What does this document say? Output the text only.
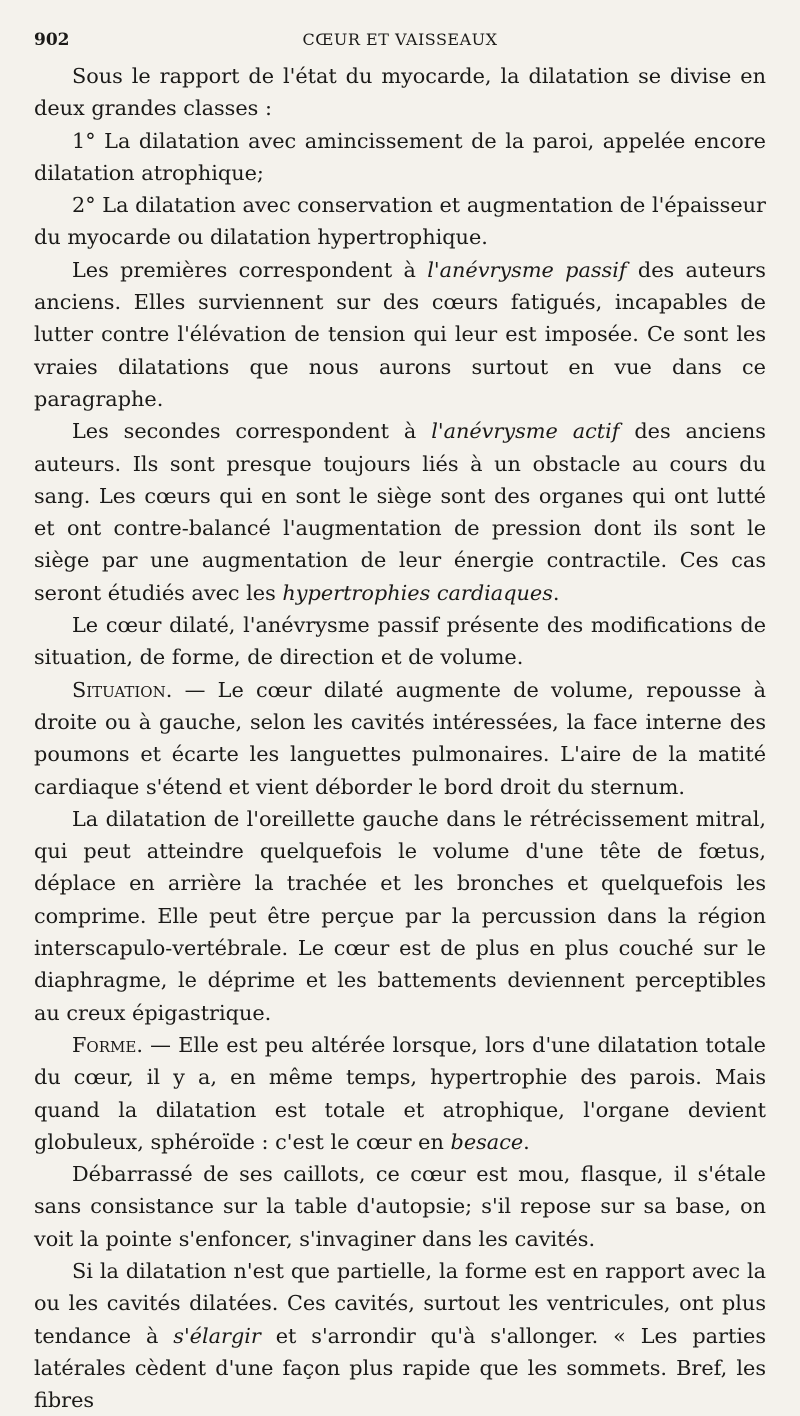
902	CŒUR ET VAISSEAUX

Sous le rapport de l'état du myocarde, la dilatation se divise en deux grandes classes :

1° La dilatation avec amincissement de la paroi, appelée encore dilatation atrophique;

2° La dilatation avec conservation et augmentation de l'épaisseur du myocarde ou dilatation hypertrophique.

Les premières correspondent à l'anévrysme passif des auteurs anciens. Elles surviennent sur des cœurs fatigués, incapables de lutter contre l'élévation de tension qui leur est imposée. Ce sont les vraies dilatations que nous aurons surtout en vue dans ce paragraphe.

Les secondes correspondent à l'anévrysme actif des anciens auteurs. Ils sont presque toujours liés à un obstacle au cours du sang. Les cœurs qui en sont le siège sont des organes qui ont lutté et ont contre-balancé l'augmentation de pression dont ils sont le siège par une augmentation de leur énergie contractile. Ces cas seront étudiés avec les hypertrophies cardiaques.

Le cœur dilaté, l'anévrysme passif présente des modifications de situation, de forme, de direction et de volume.

Situation. — Le cœur dilaté augmente de volume, repousse à droite ou à gauche, selon les cavités intéressées, la face interne des poumons et écarte les languettes pulmonaires. L'aire de la matité cardiaque s'étend et vient déborder le bord droit du sternum.

La dilatation de l'oreillette gauche dans le rétrécissement mitral, qui peut atteindre quelquefois le volume d'une tête de fœtus, déplace en arrière la trachée et les bronches et quelquefois les comprime. Elle peut être perçue par la percussion dans la région interscapulo-vertébrale. Le cœur est de plus en plus couché sur le diaphragme, le déprime et les battements deviennent perceptibles au creux épigastrique.

Forme. — Elle est peu altérée lorsque, lors d'une dilatation totale du cœur, il y a, en même temps, hypertrophie des parois. Mais quand la dilatation est totale et atrophique, l'organe devient globuleux, sphéroïde : c'est le cœur en besace.

Débarrassé de ses caillots, ce cœur est mou, flasque, il s'étale sans consistance sur la table d'autopsie; s'il repose sur sa base, on voit la pointe s'enfoncer, s'invaginer dans les cavités.

Si la dilatation n'est que partielle, la forme est en rapport avec la ou les cavités dilatées. Ces cavités, surtout les ventricules, ont plus tendance à s'élargir et s'arrondir qu'à s'allonger. « Les parties latérales cèdent d'une façon plus rapide que les sommets. Bref, les fibres
